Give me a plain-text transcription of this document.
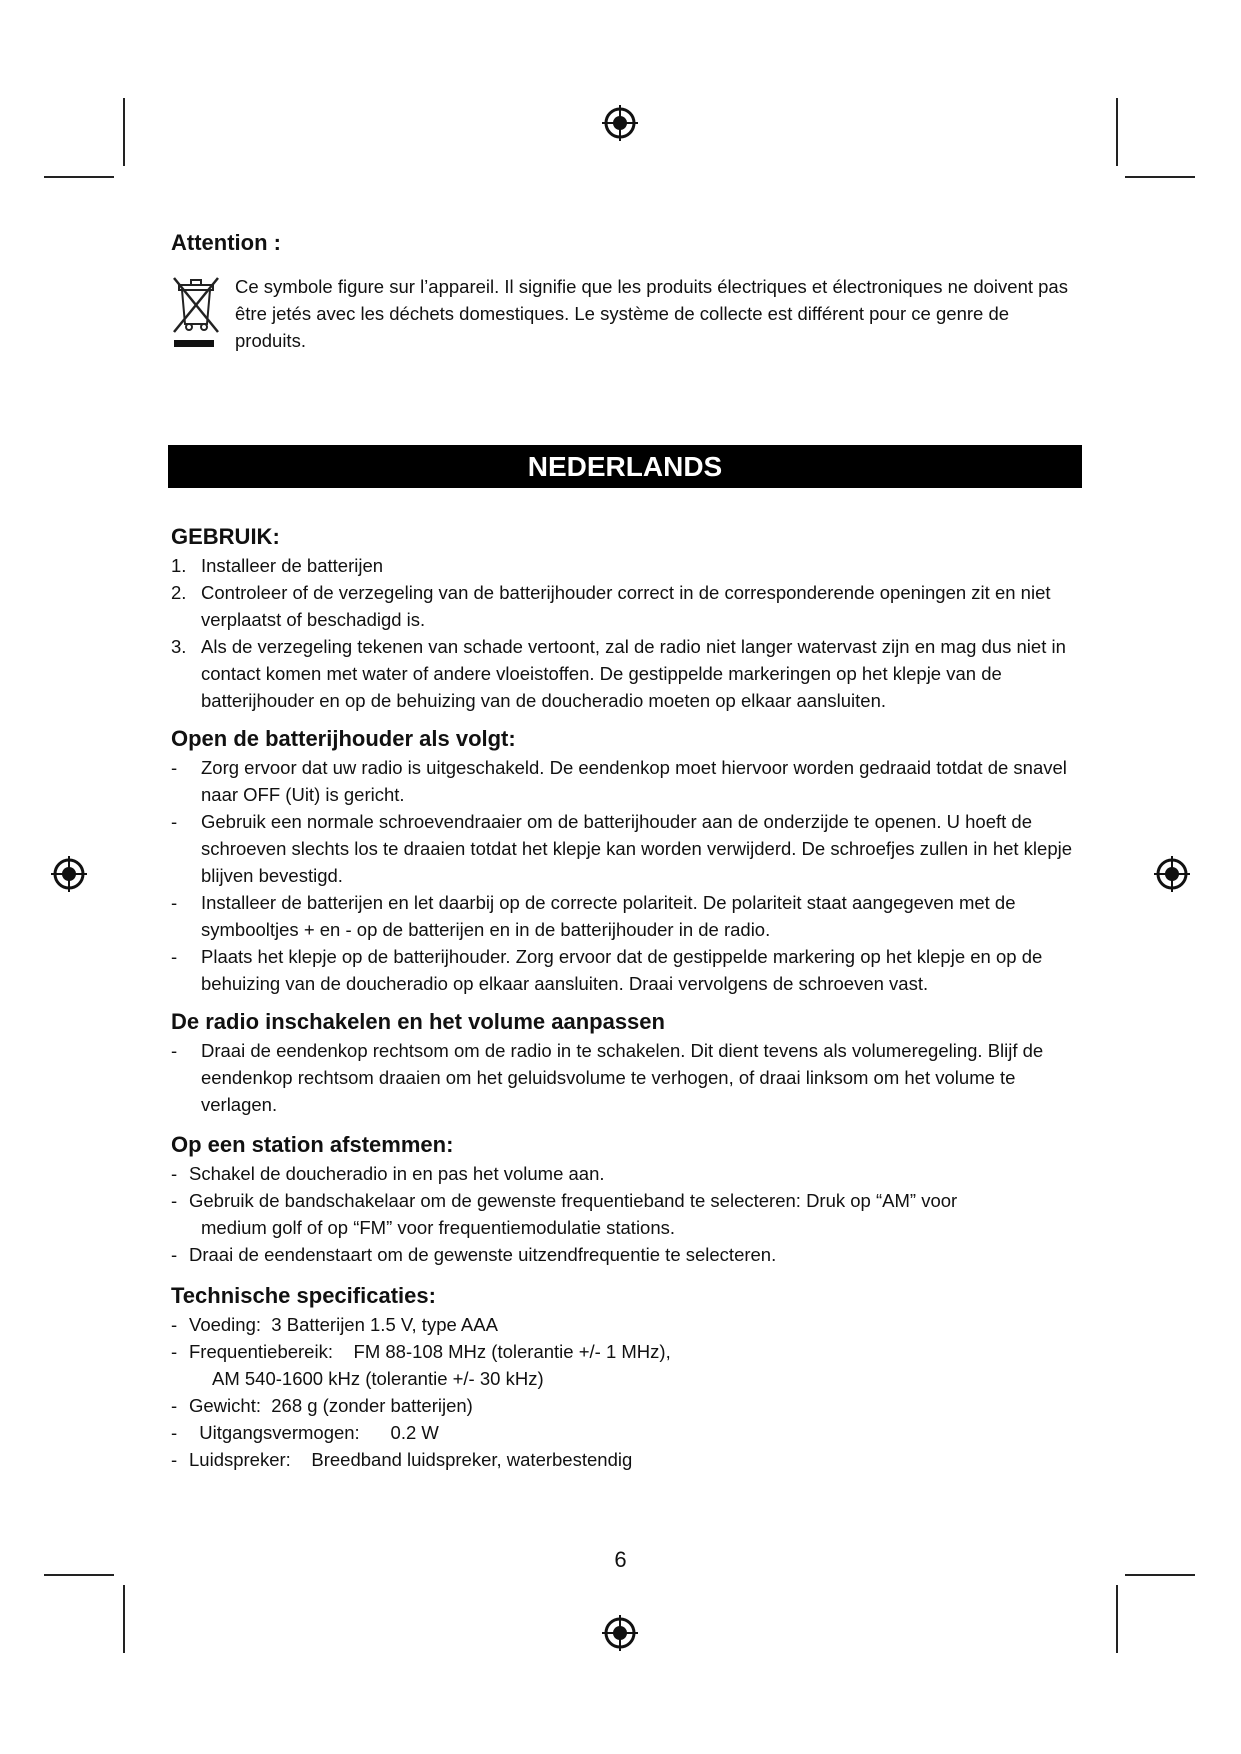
Attention :

Ce symbole figure sur l’appareil. Il signifie que les produits électriques et électroniques ne doivent pas être jetés avec les déchets domestiques. Le système de collecte est différent pour ce genre de produits.

NEDERLANDS
GEBRUIK:
1. Installeer de batterijen
2. Controleer of de verzegeling van de batterijhouder correct in de corresponderende openingen zit en niet verplaatst of beschadigd is.
3. Als de verzegeling tekenen van schade vertoont, zal de radio niet langer watervast zijn en mag dus niet in contact komen met water of andere vloeistoffen. De gestippelde markeringen op het klepje van de batterijhouder en op de behuizing van de doucheradio moeten op elkaar aansluiten.
Open de batterijhouder als volgt:
- Zorg ervoor dat uw radio is uitgeschakeld. De eendenkop moet hiervoor worden gedraaid totdat de snavel naar OFF (Uit) is gericht.
- Gebruik een normale schroevendraaier om de batterijhouder aan de onderzijde te openen. U hoeft de schroeven slechts los te draaien totdat het klepje kan worden verwijderd. De schroefjes zullen in het klepje blijven bevestigd.
- Installeer de batterijen en let daarbij op de correcte polariteit. De polariteit staat aangegeven met de symbooltjes + en - op de batterijen en in de batterijhouder in de radio.
- Plaats het klepje op de batterijhouder. Zorg ervoor dat de gestippelde markering op het klepje en op de behuizing van de doucheradio op elkaar aansluiten. Draai vervolgens de schroeven vast.
De radio inschakelen en het volume aanpassen
- Draai de eendenkop rechtsom om de radio in te schakelen. Dit dient tevens als volumeregeling. Blijf de eendenkop rechtsom draaien om het geluidsvolume te verhogen, of draai linksom om het volume te verlagen.
Op een station afstemmen:
- Schakel de doucheradio in en pas het volume aan.
- Gebruik de bandschakelaar om de gewenste frequentieband te selecteren: Druk op “AM” voor
medium golf of op “FM” voor frequentiemodulatie stations.
- Draai de eendenstaart om de gewenste uitzendfrequentie te selecteren.
Technische specificaties:
- Voeding: 3 Batterijen 1.5 V, type AAA
- Frequentiebereik: FM 88-108 MHz (tolerantie +/- 1 MHz),
AM 540-1600 kHz (tolerantie +/- 30 kHz)
- Gewicht: 268 g (zonder batterijen)
- Uitgangsvermogen: 0.2 W
- Luidspreker: Breedband luidspreker, waterbestendig
6
